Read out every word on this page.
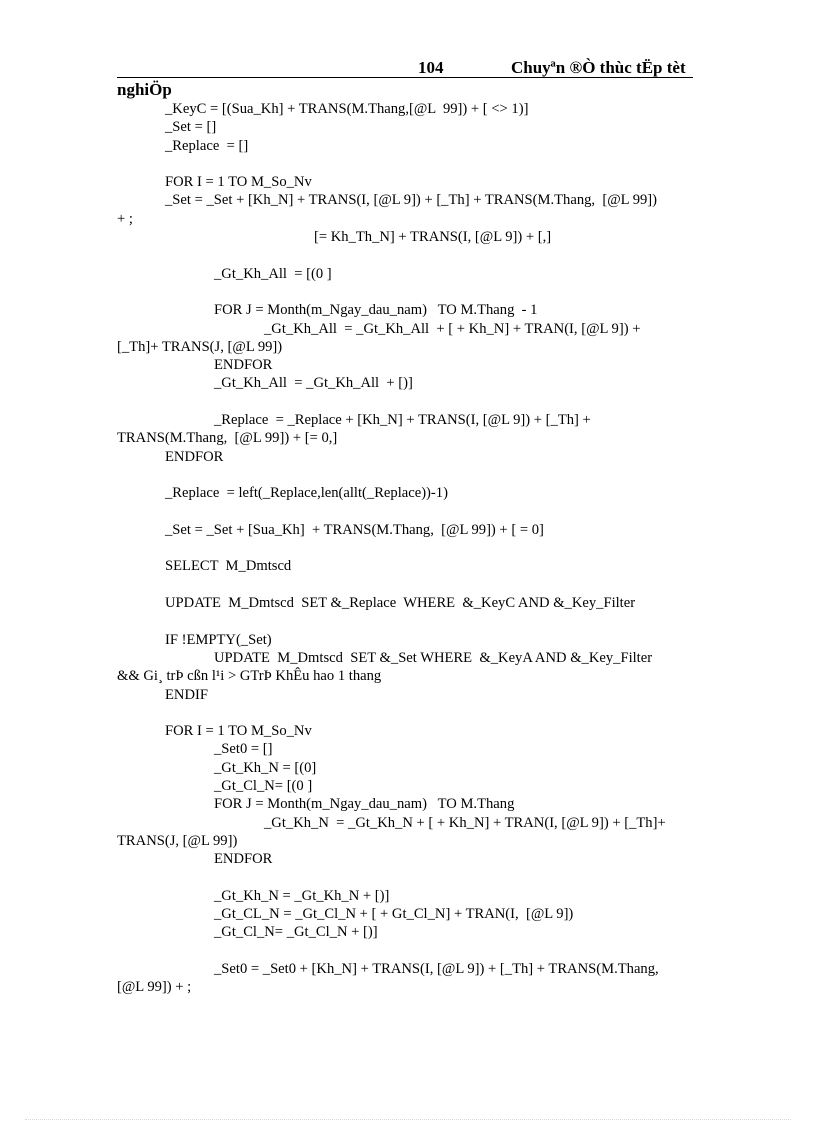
104	Chuyªn ®Ò thùc tËp tèt
nghiÖp
_KeyC = [(Sua_Kh] + TRANS(M.Thang,[@L  99]) + [ <> 1)]
_Set = []
_Replace  = []
FOR I = 1 TO M_So_Nv
_Set = _Set + [Kh_N] + TRANS(I, [@L 9]) + [_Th] + TRANS(M.Thang,  [@L 99])
+ ;
[= Kh_Th_N] + TRANS(I, [@L 9]) + [,]
_Gt_Kh_All  = [(0 ]
FOR J = Month(m_Ngay_dau_nam)   TO M.Thang  - 1
_Gt_Kh_All  = _Gt_Kh_All  + [ + Kh_N] + TRAN(I, [@L 9]) +
[_Th]+ TRANS(J, [@L 99])
ENDFOR
_Gt_Kh_All  = _Gt_Kh_All  + [)]
_Replace  = _Replace + [Kh_N] + TRANS(I, [@L 9]) + [_Th] +
TRANS(M.Thang,  [@L 99]) + [= 0,]
ENDFOR
_Replace  = left(_Replace,len(allt(_Replace))-1)
_Set = _Set + [Sua_Kh]  + TRANS(M.Thang,  [@L 99]) + [ = 0]
SELECT  M_Dmtscd
UPDATE  M_Dmtscd  SET &_Replace  WHERE  &_KeyC AND &_Key_Filter
IF !EMPTY(_Set)
UPDATE  M_Dmtscd  SET &_Set WHERE  &_KeyA AND &_Key_Filter
&& Gi¸ trÞ cßn l¹i > GTrÞ KhÊu hao 1 thang
ENDIF
FOR I = 1 TO M_So_Nv
_Set0 = []
_Gt_Kh_N = [(0]
_Gt_Cl_N= [(0 ]
FOR J = Month(m_Ngay_dau_nam)   TO M.Thang
_Gt_Kh_N  = _Gt_Kh_N + [ + Kh_N] + TRAN(I, [@L 9]) + [_Th]+
TRANS(J, [@L 99])
ENDFOR
_Gt_Kh_N = _Gt_Kh_N + [)]
_Gt_CL_N = _Gt_Cl_N + [ + Gt_Cl_N] + TRAN(I,  [@L 9])
_Gt_Cl_N= _Gt_Cl_N + [)]
_Set0 = _Set0 + [Kh_N] + TRANS(I, [@L 9]) + [_Th] + TRANS(M.Thang,
[@L 99]) + ;
